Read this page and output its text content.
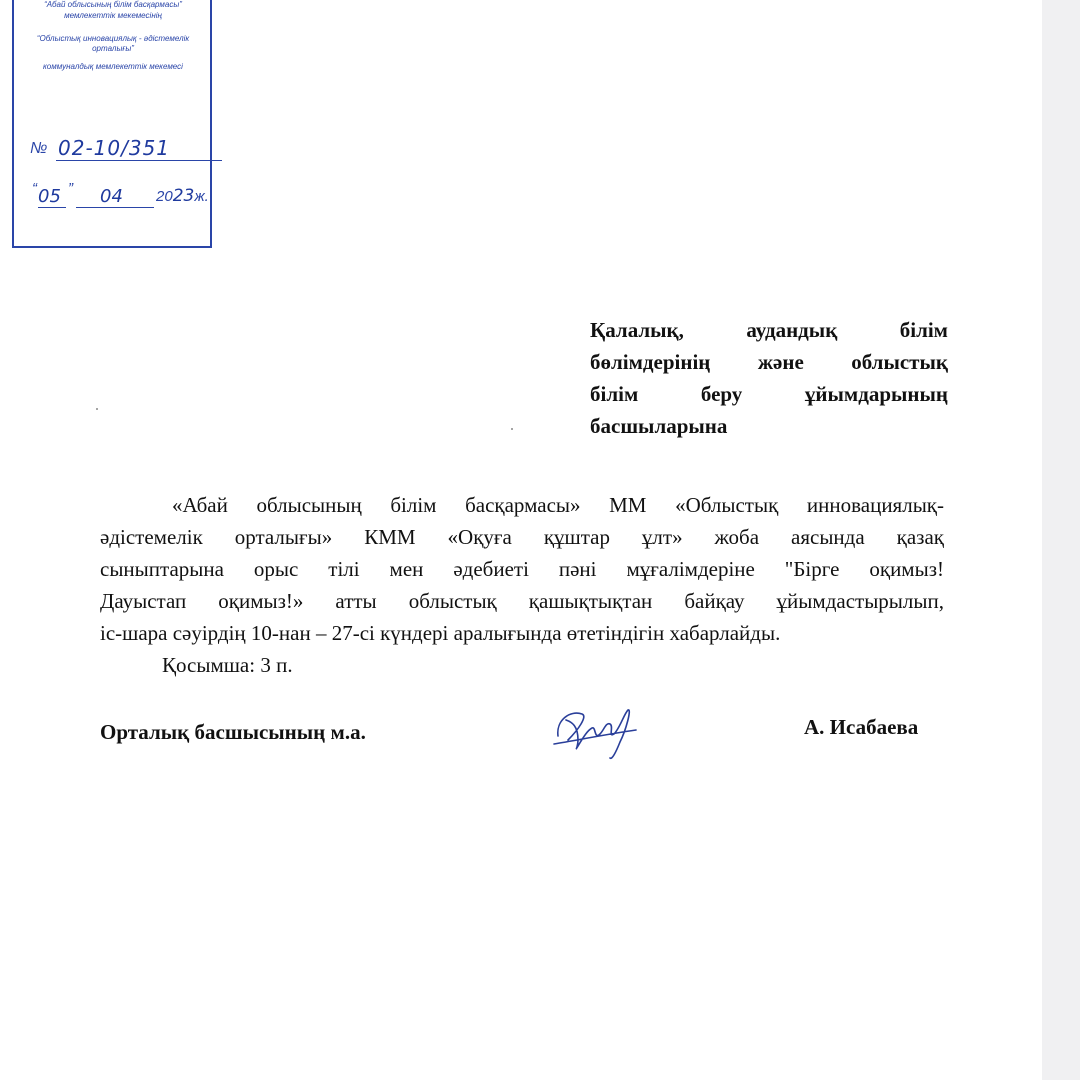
“Абай облысының білім басқармасы”
мемлекеттік мекемесінің
“Облыстық инновациялық - әдістемелік орталығы”
коммуналдық мемлекеттік мекемесі
№ 02-10/351
“ 05 ”	04	2023ж.
Қалалық, аудандық білім
бөлімдерінің және облыстық
білім беру ұйымдарының
басшыларына
«Абай облысының білім басқармасы» ММ «Облыстық инновациялық-
әдістемелік орталығы» КММ «Оқуға құштар ұлт» жоба аясында қазақ
сыныптарына орыс тілі мен әдебиеті пәні мұғалімдеріне "Бірге оқимыз!
Дауыстап оқимыз!» атты облыстық қашықтықтан байқау ұйымдастырылып,
іс-шара сәуірдің 10-нан – 27-сі күндері аралығында өтетіндігін хабарлайды.
Қосымша: 3 п.
Орталық басшысының м.а.	А. Исабаева
